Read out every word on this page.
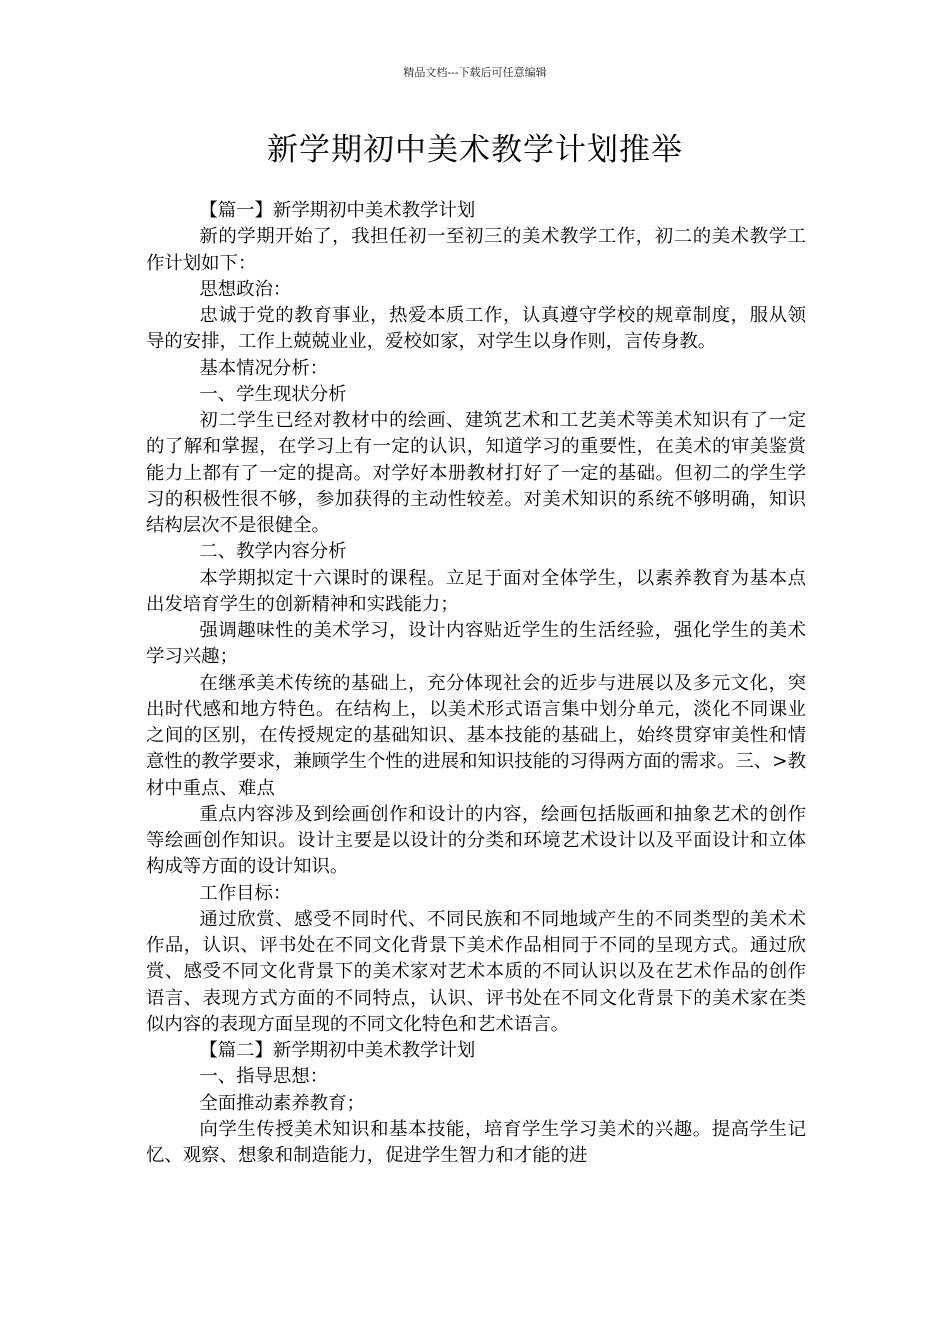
精品文档---下载后可任意编辑
新学期初中美术教学计划推举

【篇一】新学期初中美术教学计划

新的学期开始了，我担任初一至初三的美术教学工作，初二的美术教学工作计划如下：

思想政治：

忠诚于党的教育事业，热爱本质工作，认真遵守学校的规章制度，服从领导的安排，工作上兢兢业业，爱校如家，对学生以身作则，言传身教。

基本情况分析：

一、学生现状分析

初二学生已经对教材中的绘画、建筑艺术和工艺美术等美术知识有了一定的了解和掌握，在学习上有一定的认识，知道学习的重要性，在美术的审美鉴赏能力上都有了一定的提高。对学好本册教材打好了一定的基础。但初二的学生学习的积极性很不够，参加获得的主动性较差。对美术知识的系统不够明确，知识结构层次不是很健全。

二、教学内容分析

本学期拟定十六课时的课程。立足于面对全体学生，以素养教育为基本点出发培育学生的创新精神和实践能力；

强调趣味性的美术学习，设计内容贴近学生的生活经验，强化学生的美术学习兴趣；

在继承美术传统的基础上，充分体现社会的近步与进展以及多元文化，突出时代感和地方特色。在结构上，以美术形式语言集中划分单元，淡化不同课业之间的区别，在传授规定的基础知识、基本技能的基础上，始终贯穿审美性和情意性的教学要求，兼顾学生个性的进展和知识技能的习得两方面的需求。三、>教材中重点、难点

重点内容涉及到绘画创作和设计的内容，绘画包括版画和抽象艺术的创作等绘画创作知识。设计主要是以设计的分类和环境艺术设计以及平面设计和立体构成等方面的设计知识。

工作目标：

通过欣赏、感受不同时代、不同民族和不同地域产生的不同类型的美术术作品，认识、评书处在不同文化背景下美术作品相同于不同的呈现方式。通过欣赏、感受不同文化背景下的美术家对艺术本质的不同认识以及在艺术作品的创作语言、表现方式方面的不同特点，认识、评书处在不同文化背景下的美术家在类似内容的表现方面呈现的不同文化特色和艺术语言。

【篇二】新学期初中美术教学计划

一、指导思想：

全面推动素养教育；

向学生传授美术知识和基本技能，培育学生学习美术的兴趣。提高学生记忆、观察、想象和制造能力，促进学生智力和才能的进
